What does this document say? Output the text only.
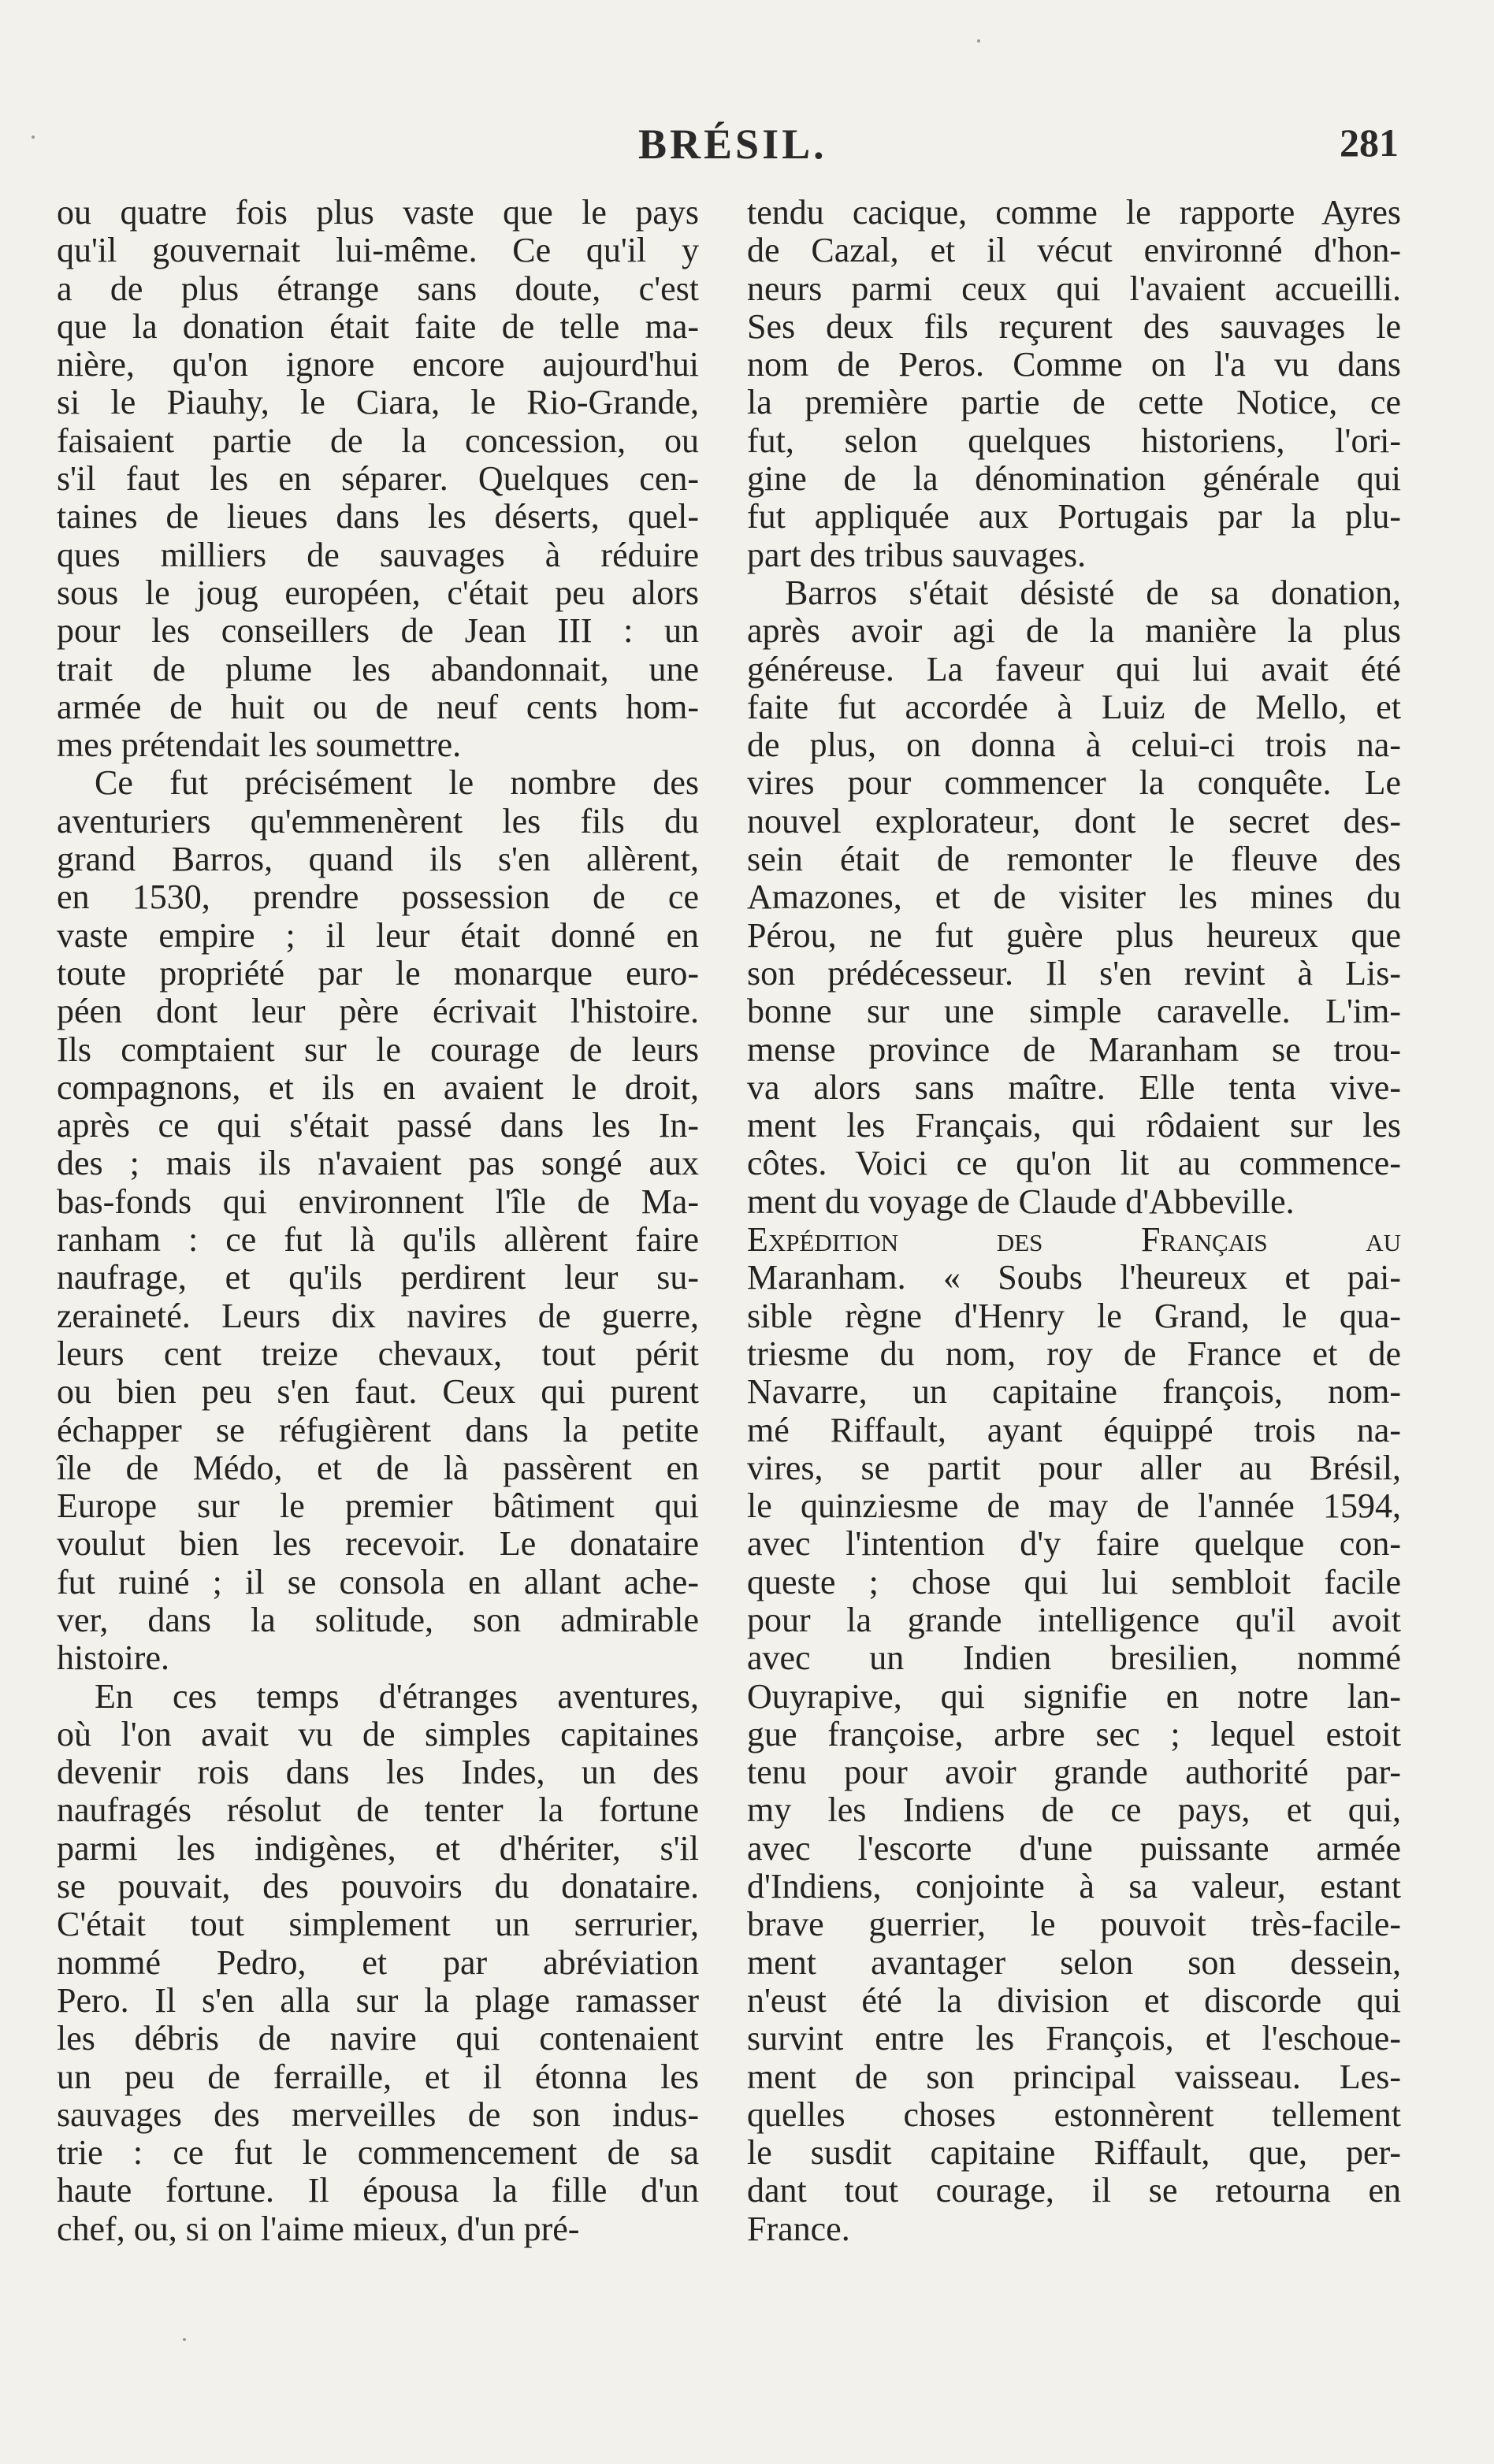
BRÉSIL.	281
ou quatre fois plus vaste que le pays
qu'il gouvernait lui-même. Ce qu'il y
a de plus étrange sans doute, c'est
que la donation était faite de telle ma-
nière, qu'on ignore encore aujourd'hui
si le Piauhy, le Ciara, le Rio-Grande,
faisaient partie de la concession, ou
s'il faut les en séparer. Quelques cen-
taines de lieues dans les déserts, quel-
ques milliers de sauvages à réduire
sous le joug européen, c'était peu alors
pour les conseillers de Jean III : un
trait de plume les abandonnait, une
armée de huit ou de neuf cents hom-
mes prétendait les soumettre.
Ce fut précisément le nombre des
aventuriers qu'emmenèrent les fils du
grand Barros, quand ils s'en allèrent,
en 1530, prendre possession de ce
vaste empire ; il leur était donné en
toute propriété par le monarque euro-
péen dont leur père écrivait l'histoire.
Ils comptaient sur le courage de leurs
compagnons, et ils en avaient le droit,
après ce qui s'était passé dans les In-
des ; mais ils n'avaient pas songé aux
bas-fonds qui environnent l'île de Ma-
ranham : ce fut là qu'ils allèrent faire
naufrage, et qu'ils perdirent leur su-
zeraineté. Leurs dix navires de guerre,
leurs cent treize chevaux, tout périt
ou bien peu s'en faut. Ceux qui purent
échapper se réfugièrent dans la petite
île de Médo, et de là passèrent en
Europe sur le premier bâtiment qui
voulut bien les recevoir. Le donataire
fut ruiné ; il se consola en allant ache-
ver, dans la solitude, son admirable
histoire.
En ces temps d'étranges aventures,
où l'on avait vu de simples capitaines
devenir rois dans les Indes, un des
naufragés résolut de tenter la fortune
parmi les indigènes, et d'hériter, s'il
se pouvait, des pouvoirs du donataire.
C'était tout simplement un serrurier,
nommé Pedro, et par abréviation
Pero. Il s'en alla sur la plage ramasser
les débris de navire qui contenaient
un peu de ferraille, et il étonna les
sauvages des merveilles de son indus-
trie : ce fut le commencement de sa
haute fortune. Il épousa la fille d'un
chef, ou, si on l'aime mieux, d'un pré-
tendu cacique, comme le rapporte Ayres
de Cazal, et il vécut environné d'hon-
neurs parmi ceux qui l'avaient accueilli.
Ses deux fils reçurent des sauvages le
nom de Peros. Comme on l'a vu dans
la première partie de cette Notice, ce
fut, selon quelques historiens, l'ori-
gine de la dénomination générale qui
fut appliquée aux Portugais par la plu-
part des tribus sauvages.
Barros s'était désisté de sa donation,
après avoir agi de la manière la plus
généreuse. La faveur qui lui avait été
faite fut accordée à Luiz de Mello, et
de plus, on donna à celui-ci trois na-
vires pour commencer la conquête. Le
nouvel explorateur, dont le secret des-
sein était de remonter le fleuve des
Amazones, et de visiter les mines du
Pérou, ne fut guère plus heureux que
son prédécesseur. Il s'en revint à Lis-
bonne sur une simple caravelle. L'im-
mense province de Maranham se trou-
va alors sans maître. Elle tenta vive-
ment les Français, qui rôdaient sur les
côtes. Voici ce qu'on lit au commence-
ment du voyage de Claude d'Abbeville.
Expédition des Français au
Maranham. « Soubs l'heureux et pai-
sible règne d'Henry le Grand, le qua-
triesme du nom, roy de France et de
Navarre, un capitaine françois, nom-
mé Riffault, ayant équippé trois na-
vires, se partit pour aller au Brésil,
le quinziesme de may de l'année 1594,
avec l'intention d'y faire quelque con-
queste ; chose qui lui sembloit facile
pour la grande intelligence qu'il avoit
avec un Indien bresilien, nommé
Ouyrapive, qui signifie en notre lan-
gue françoise, arbre sec ; lequel estoit
tenu pour avoir grande authorité par-
my les Indiens de ce pays, et qui,
avec l'escorte d'une puissante armée
d'Indiens, conjointe à sa valeur, estant
brave guerrier, le pouvoit très-facile-
ment avantager selon son dessein,
n'eust été la division et discorde qui
survint entre les François, et l'eschoue-
ment de son principal vaisseau. Les-
quelles choses estonnèrent tellement
le susdit capitaine Riffault, que, per-
dant tout courage, il se retourna en
France.
